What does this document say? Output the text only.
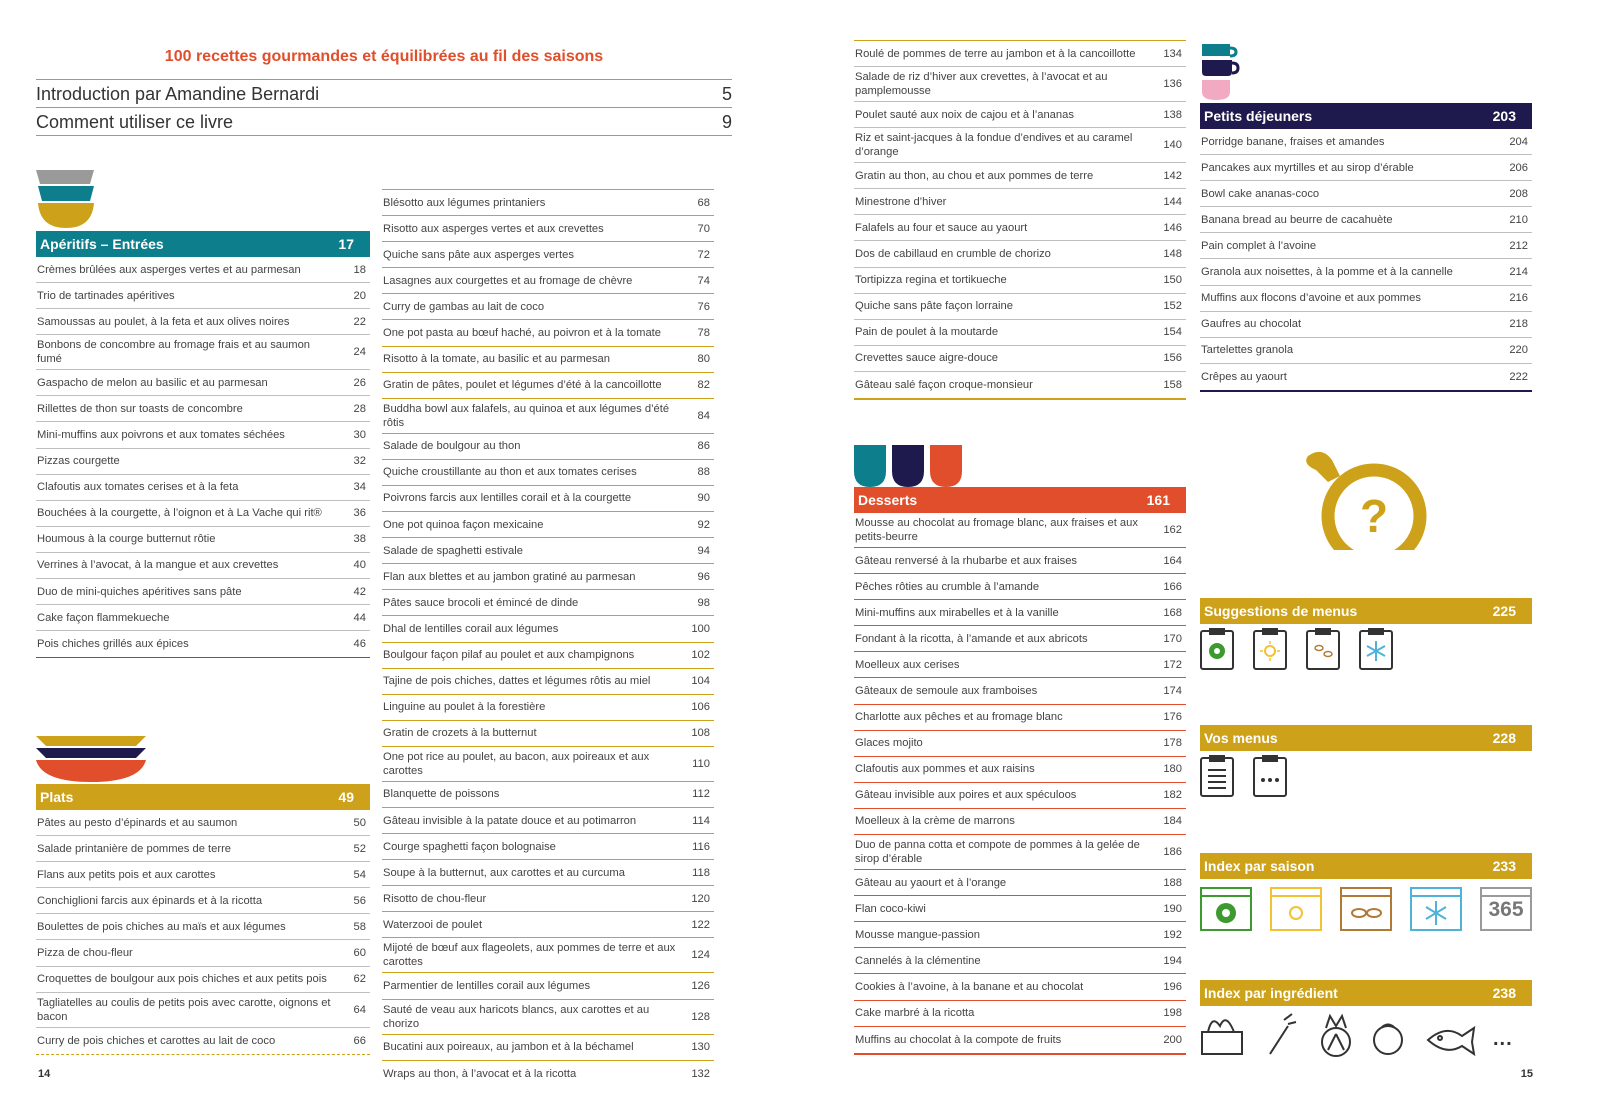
100 recettes gourmandes et équilibrées au fil des saisons
Introduction par Amandine Bernardi	5
Comment utiliser ce livre	9
Apéritifs – Entrées	17
Crèmes brûlées aux asperges vertes et au parmesan	18
Trio de tartinades apéritives	20
Samoussas au poulet, à la feta et aux olives noires	22
Bonbons de concombre au fromage frais et au saumon fumé
24
Gaspacho de melon au basilic et au parmesan	26
Rillettes de thon sur toasts de concombre	28
Mini-muffins aux poivrons et aux tomates séchées	30
Pizzas courgette	32
Clafoutis aux tomates cerises et à la feta	34
Bouchées à la courgette, à l’oignon et à La Vache qui rit®	36
Houmous à la courge butternut rôtie	38
Verrines à l’avocat, à la mangue et aux crevettes	40
Duo de mini-quiches apéritives sans pâte	42
Cake façon flammekueche	44
Pois chiches grillés aux épices	46
Plats	49
Pâtes au pesto d’épinards et au saumon	50
Salade printanière de pommes de terre	52
Flans aux petits pois et aux carottes	54
Conchiglioni farcis aux épinards et à la ricotta	56
Boulettes de pois chiches au maïs et aux légumes	58
Pizza de chou-fleur	60
Croquettes de boulgour aux pois chiches et aux petits pois	62
Tagliatelles au coulis de petits pois avec carotte, oignons et bacon
64
Curry de pois chiches et carottes au lait de coco	66
Blésotto aux légumes printaniers	68
Risotto aux asperges vertes et aux crevettes	70
Quiche sans pâte aux asperges vertes	72
Lasagnes aux courgettes et au fromage de chèvre	74
Curry de gambas au lait de coco	76
One pot pasta au bœuf haché, au poivron et à la tomate	78
Risotto à la tomate, au basilic et au parmesan	80
Gratin de pâtes, poulet et légumes d’été à la cancoillotte	82
Buddha bowl aux falafels, au quinoa et aux légumes d’été rôtis
84
Salade de boulgour au thon	86
Quiche croustillante au thon et aux tomates cerises	88
Poivrons farcis aux lentilles corail et à la courgette	90
One pot quinoa façon mexicaine	92
Salade de spaghetti estivale	94
Flan aux blettes et au jambon gratiné au parmesan	96
Pâtes sauce brocoli et émincé de dinde	98
Dhal de lentilles corail aux légumes	100
Boulgour façon pilaf au poulet et aux champignons	102
Tajine de pois chiches, dattes et légumes rôtis au miel	104
Linguine au poulet à la forestière	106
Gratin de crozets à la butternut	108
One pot rice au poulet, au bacon, aux poireaux et aux carottes
110
Blanquette de poissons	112
Gâteau invisible à la patate douce et au potimarron	114
Courge spaghetti façon bolognaise	116
Soupe à la butternut, aux carottes et au curcuma	118
Risotto de chou-fleur	120
Waterzooi de poulet	122
Mijoté de bœuf aux flageolets, aux pommes de terre et aux carottes
124
Parmentier de lentilles corail aux légumes	126
Sauté de veau aux haricots blancs, aux carottes et au chorizo
128
Bucatini aux poireaux, au jambon et à la béchamel	130
Wraps au thon, à l’avocat et à la ricotta	132
14
Roulé de pommes de terre au jambon et à la cancoillotte	134
Salade de riz d’hiver aux crevettes, à l’avocat et au pamplemousse
136
Poulet sauté aux noix de cajou et à l’ananas	138
Riz et saint-jacques à la fondue d’endives et au caramel d’orange
140
Gratin au thon, au chou et aux pommes de terre	142
Minestrone d’hiver	144
Falafels au four et sauce au yaourt	146
Dos de cabillaud en crumble de chorizo	148
Tortipizza regina et tortikueche	150
Quiche sans pâte façon lorraine	152
Pain de poulet à la moutarde	154
Crevettes sauce aigre-douce	156
Gâteau salé façon croque-monsieur	158
Desserts	161
Mousse au chocolat au fromage blanc, aux fraises et aux petits-beurre
162
Gâteau renversé à la rhubarbe et aux fraises	164
Pêches rôties au crumble à l’amande	166
Mini-muffins aux mirabelles et à la vanille	168
Fondant à la ricotta, à l’amande et aux abricots	170
Moelleux aux cerises	172
Gâteaux de semoule aux framboises	174
Charlotte aux pêches et au fromage blanc	176
Glaces mojito	178
Clafoutis aux pommes et aux raisins	180
Gâteau invisible aux poires et aux spéculoos	182
Moelleux à la crème de marrons	184
Duo de panna cotta et compote de pommes à la gelée de sirop d’érable
186
Gâteau au yaourt et à l’orange	188
Flan coco-kiwi	190
Mousse mangue-passion	192
Cannelés à la clémentine	194
Cookies à l’avoine, à la banane et au chocolat	196
Cake marbré à la ricotta	198
Muffins au chocolat à la compote de fruits	200
Petits déjeuners	203
Porridge banane, fraises et amandes	204
Pancakes aux myrtilles et au sirop d’érable	206
Bowl cake ananas-coco	208
Banana bread au beurre de cacahuète	210
Pain complet à l’avoine	212
Granola aux noisettes, à la pomme et à la cannelle	214
Muffins aux flocons d’avoine et aux pommes	216
Gaufres au chocolat	218
Tartelettes granola	220
Crêpes au yaourt	222
?
Suggestions de menus	225
Vos menus	228
Index par saison	233
365
Index par ingrédient	238
...
15
